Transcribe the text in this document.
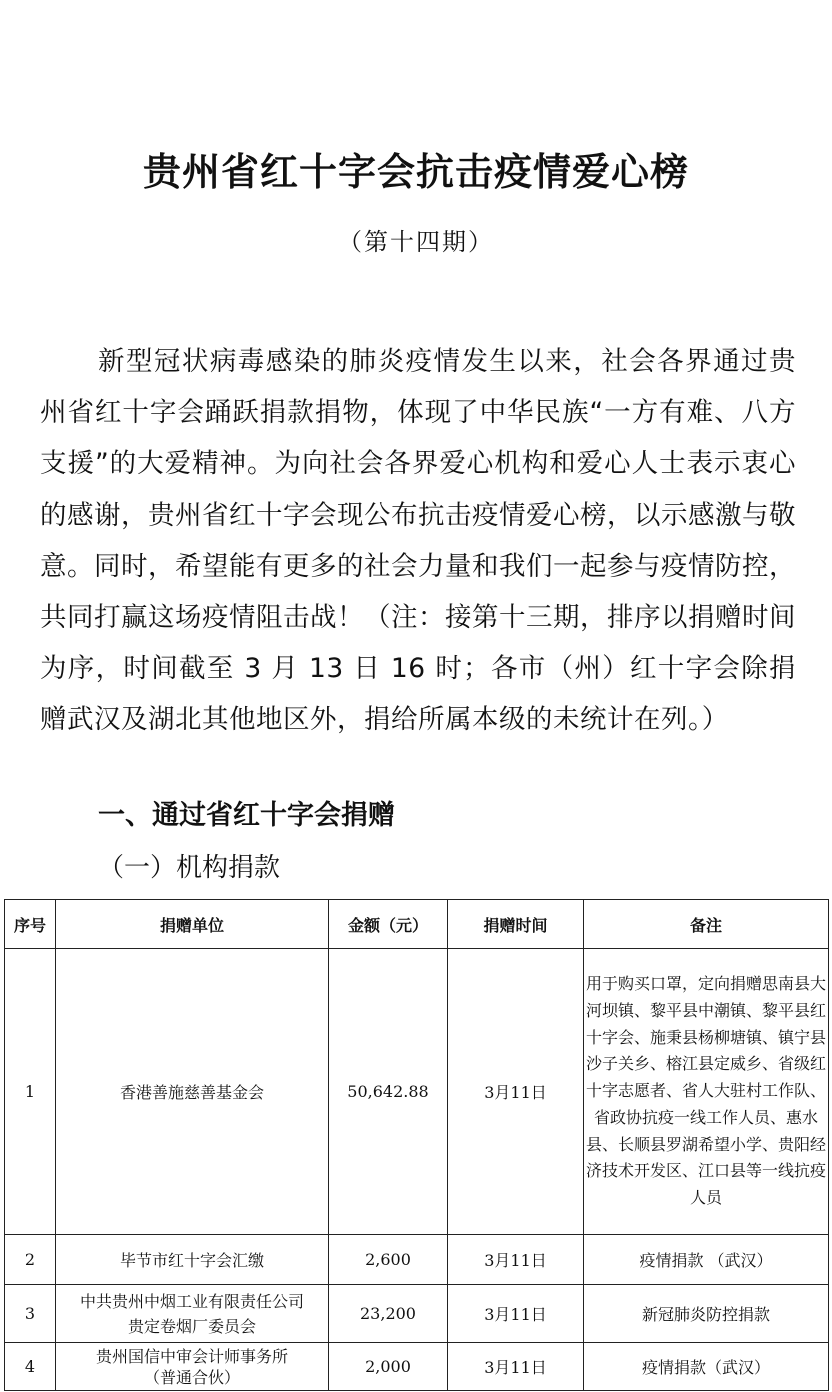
贵州省红十字会抗击疫情爱心榜
（第十四期）

新型冠状病毒感染的肺炎疫情发生以来，社会各界通过贵州省红十字会踊跃捐款捐物，体现了中华民族“一方有难、八方支援”的大爱精神。为向社会各界爱心机构和爱心人士表示衷心的感谢，贵州省红十字会现公布抗击疫情爱心榜，以示感激与敬意。同时，希望能有更多的社会力量和我们一起参与疫情防控，共同打赢这场疫情阻击战！（注：接第十三期，排序以捐赠时间为序，时间截至 3 月 13 日 16 时；各市（州）红十字会除捐赠武汉及湖北其他地区外，捐给所属本级的未统计在列。）

一、通过省红十字会捐赠
（一）机构捐款
序号	捐赠单位	金额（元）	捐赠时间	备注
1	香港善施慈善基金会	50,642.88	3月11日	用于购买口罩，定向捐赠思南县大河坝镇、黎平县中潮镇、黎平县红十字会、施秉县杨柳塘镇、镇宁县沙子关乡、榕江县定威乡、省级红十字志愿者、省人大驻村工作队、省政协抗疫一线工作人员、惠水县、长顺县罗湖希望小学、贵阳经济技术开发区、江口县等一线抗疫人员
2	毕节市红十字会汇缴	2,600	3月11日	疫情捐款 （武汉）
3	中共贵州中烟工业有限责任公司
贵定卷烟厂委员会	23,200	3月11日	新冠肺炎防控捐款
4	贵州国信中审会计师事务所
（普通合伙）	2,000	3月11日	疫情捐款（武汉）
